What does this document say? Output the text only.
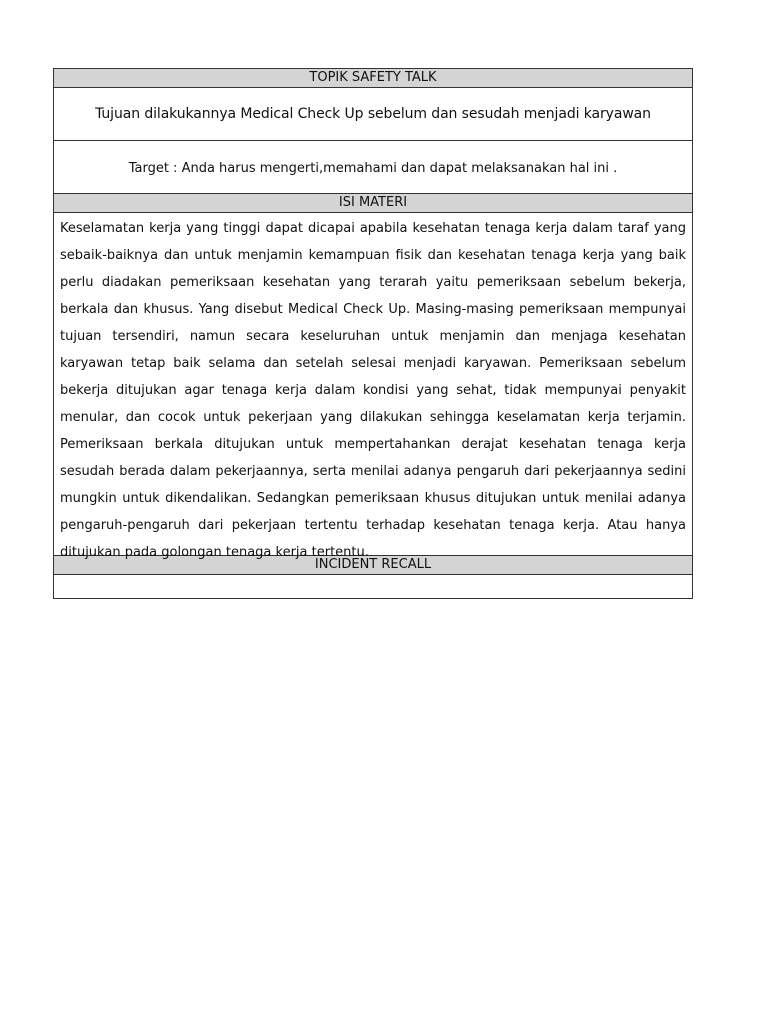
TOPIK SAFETY TALK
Tujuan dilakukannya Medical Check Up sebelum dan sesudah menjadi karyawan
Target : Anda harus mengerti,memahami dan dapat melaksanakan hal ini .
ISI MATERI
Keselamatan kerja yang tinggi dapat dicapai apabila kesehatan tenaga kerja dalam taraf yang sebaik-baiknya dan untuk menjamin kemampuan fisik dan kesehatan tenaga kerja yang baik perlu diadakan pemeriksaan kesehatan yang terarah yaitu pemeriksaan sebelum bekerja, berkala dan khusus. Yang disebut Medical Check Up. Masing-masing pemeriksaan mempunyai tujuan tersendiri, namun secara keseluruhan untuk menjamin dan menjaga kesehatan karyawan tetap baik selama dan setelah selesai menjadi karyawan. Pemeriksaan sebelum bekerja ditujukan agar tenaga kerja dalam kondisi yang sehat, tidak mempunyai penyakit menular, dan cocok untuk pekerjaan yang dilakukan sehingga keselamatan kerja terjamin. Pemeriksaan berkala ditujukan untuk mempertahankan derajat kesehatan tenaga kerja sesudah berada dalam pekerjaannya, serta menilai adanya pengaruh dari pekerjaannya sedini mungkin untuk dikendalikan. Sedangkan pemeriksaan khusus ditujukan untuk menilai adanya pengaruh-pengaruh dari pekerjaan tertentu terhadap kesehatan tenaga kerja. Atau hanya ditujukan pada golongan tenaga kerja tertentu.
INCIDENT RECALL
